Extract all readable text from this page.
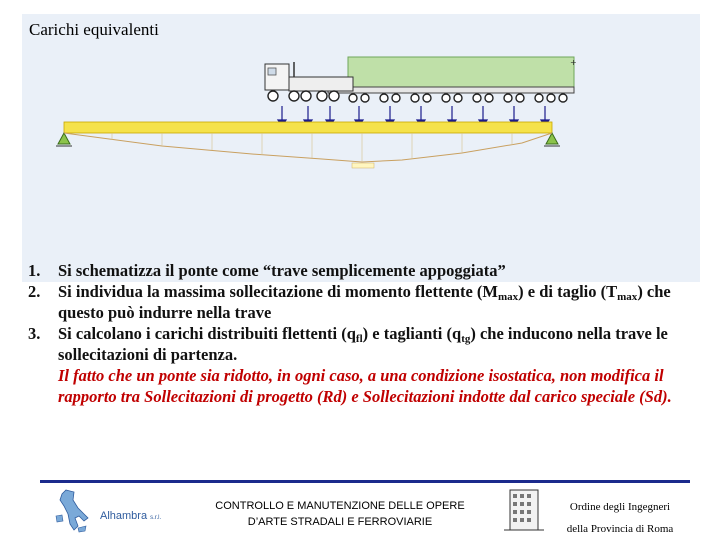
Carichi equivalenti
+
1. Si schematizza il ponte come “trave semplicemente appoggiata”
2. Si individua la massima sollecitazione di momento flettente $(M_{max})$ e di taglio $(T_{max})$ che questo può indurre nella trave
3. Si calcolano i carichi distribuiti flettenti $(q_{fl})$ e taglianti $(q_{tg})$ che inducono nella trave le sollecitazioni di partenza.
Il fatto che un ponte sia ridotto, in ogni caso, a una condizione isostatica, non modifica il rapporto tra Sollecitazioni di progetto (Rd) e Sollecitazioni indotte dal carico speciale (Sd).
Alhambra s.r.l.
CONTROLLO E MANUTENZIONE DELLE OPERE
D’ARTE STRADALI E FERROVIARIE
Ordine degli Ingegneri
della Provincia di Roma
